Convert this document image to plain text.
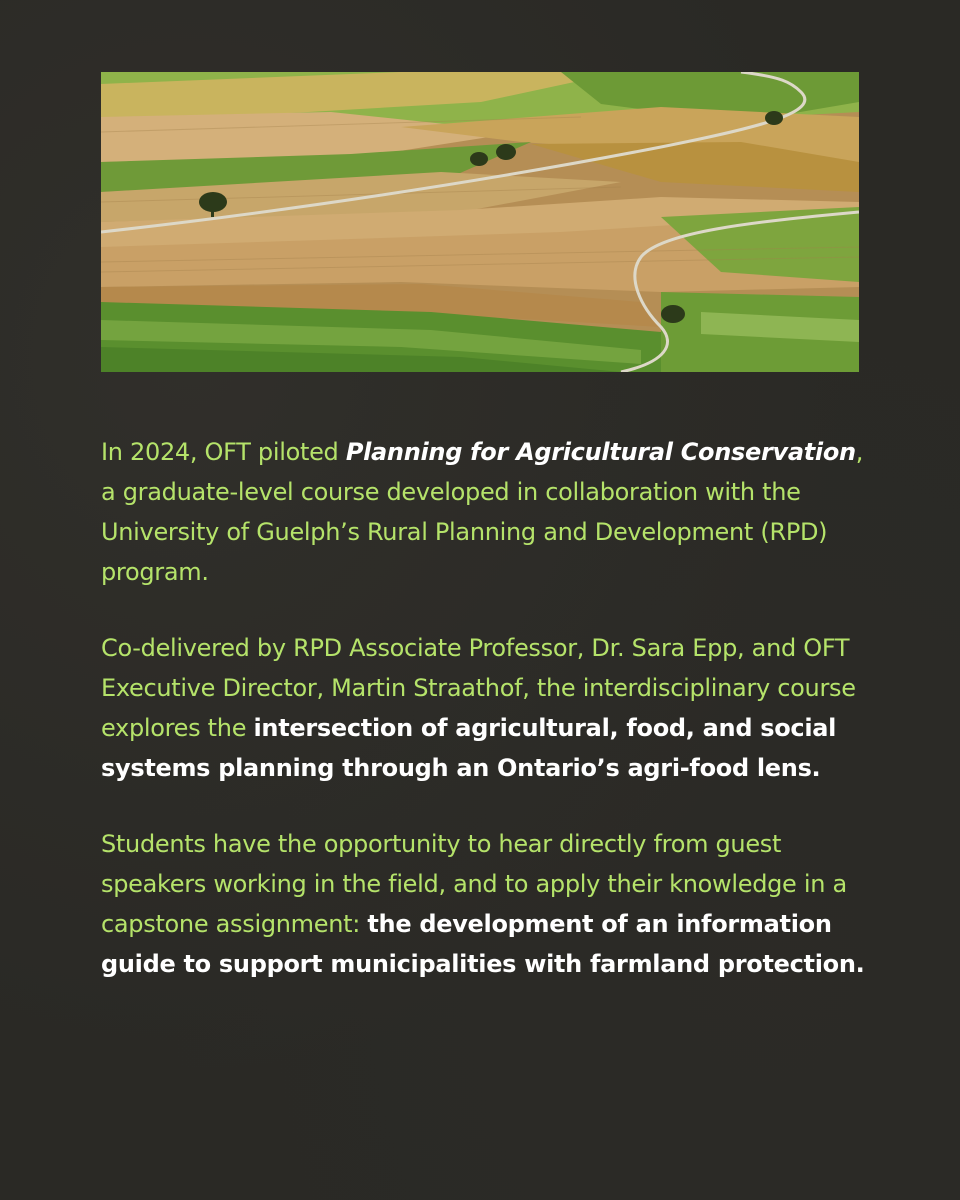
In 2024, OFT piloted Planning for Agricultural Conservation, a graduate-level course developed in collaboration with the University of Guelph’s Rural Planning and Development (RPD) program.

Co-delivered by RPD Associate Professor, Dr. Sara Epp, and OFT Executive Director, Martin Straathof, the interdisciplinary course explores the intersection of agricultural, food, and social systems planning through an Ontario’s agri-food lens.

Students have the opportunity to hear directly from guest speakers working in the field, and to apply their knowledge in a capstone assignment: the development of an information guide to support municipalities with farmland protection.
